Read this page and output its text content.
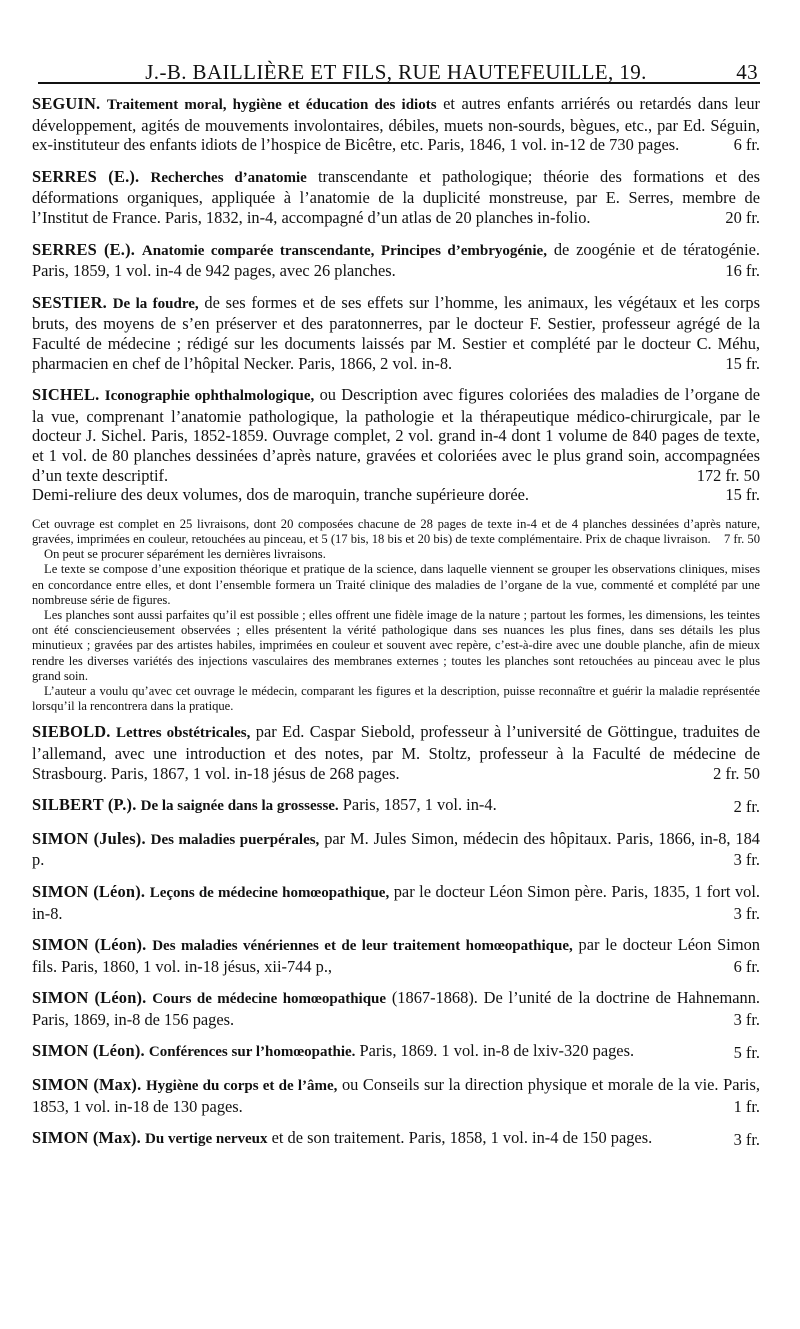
J.-B. BAILLIÈRE ET FILS, RUE HAUTEFEUILLE, 19.	43
SEGUIN. Traitement moral, hygiène et éducation des idiots et autres enfants arriérés ou retardés dans leur développement, agités de mouvements involontaires, débiles, muets non-sourds, bègues, etc., par Ed. Séguin, ex-instituteur des enfants idiots de l’hospice de Bicêtre, etc. Paris, 1846, 1 vol. in-12 de 730 pages.	6 fr.
SERRES (E.). Recherches d’anatomie transcendante et pathologique; théorie des formations et des déformations organiques, appliquée à l’anatomie de la duplicité monstreuse, par E. Serres, membre de l’Institut de France. Paris, 1832, in-4, accompagné d’un atlas de 20 planches in-folio.	20 fr.
SERRES (E.). Anatomie comparée transcendante, Principes d’embryogénie, de zoogénie et de tératogénie. Paris, 1859, 1 vol. in-4 de 942 pages, avec 26 planches.	16 fr.
SESTIER. De la foudre, de ses formes et de ses effets sur l’homme, les animaux, les végétaux et les corps bruts, des moyens de s’en préserver et des paratonnerres, par le docteur F. Sestier, professeur agrégé de la Faculté de médecine ; rédigé sur les documents laissés par M. Sestier et complété par le docteur C. Méhu, pharmacien en chef de l’hôpital Necker. Paris, 1866, 2 vol. in-8.	15 fr.
SICHEL. Iconographie ophthalmologique, ou Description avec figures coloriées des maladies de l’organe de la vue, comprenant l’anatomie pathologique, la pathologie et la thérapeutique médico-chirurgicale, par le docteur J. Sichel. Paris, 1852-1859. Ouvrage complet, 2 vol. grand in-4 dont 1 volume de 840 pages de texte, et 1 vol. de 80 planches dessinées d’après nature, gravées et coloriées avec le plus grand soin, accompagnées d’un texte descriptif.	172 fr. 50
Demi-reliure des deux volumes, dos de maroquin, tranche supérieure dorée.	15 fr.

Cet ouvrage est complet en 25 livraisons, dont 20 composées chacune de 28 pages de texte in-4 et de 4 planches dessinées d’après nature, gravées, imprimées en couleur, retouchées au pinceau, et 5 (17 bis, 18 bis et 20 bis) de texte complémentaire. Prix de chaque livraison.	7 fr. 50

On peut se procurer séparément les dernières livraisons.

Le texte se compose d’une exposition théorique et pratique de la science, dans laquelle viennent se grouper les observations cliniques, mises en concordance entre elles, et dont l’ensemble formera un Traité clinique des maladies de l’organe de la vue, commenté et complété par une nombreuse série de figures.

Les planches sont aussi parfaites qu’il est possible ; elles offrent une fidèle image de la nature ; partout les formes, les dimensions, les teintes ont été consciencieusement observées ; elles présentent la vérité pathologique dans ses nuances les plus fines, dans ses détails les plus minutieux ; gravées par des artistes habiles, imprimées en couleur et souvent avec repère, c’est-à-dire avec une double planche, afin de mieux rendre les diverses variétés des injections vasculaires des membranes externes ; toutes les planches sont retouchées au pinceau avec le plus grand soin.

L’auteur a voulu qu’avec cet ouvrage le médecin, comparant les figures et la description, puisse reconnaître et guérir la maladie représentée lorsqu’il la rencontrera dans la pratique.

SIEBOLD. Lettres obstétricales, par Ed. Caspar Siebold, professeur à l’université de Göttingue, traduites de l’allemand, avec une introduction et des notes, par M. Stoltz, professeur à la Faculté de médecine de Strasbourg. Paris, 1867, 1 vol. in-18 jésus de 268 pages.	2 fr. 50
SILBERT (P.). De la saignée dans la grossesse. Paris, 1857, 1 vol. in-4.	2 fr.
SIMON (Jules). Des maladies puerpérales, par M. Jules Simon, médecin des hôpitaux. Paris, 1866, in-8, 184 p.	3 fr.
SIMON (Léon). Leçons de médecine homœopathique, par le docteur Léon Simon père. Paris, 1835, 1 fort vol. in-8.	3 fr.
SIMON (Léon). Des maladies vénériennes et de leur traitement homœopathique, par le docteur Léon Simon fils. Paris, 1860, 1 vol. in-18 jésus, xii-744 p.,	6 fr.
SIMON (Léon). Cours de médecine homœopathique (1867-1868). De l’unité de la doctrine de Hahnemann. Paris, 1869, in-8 de 156 pages.	3 fr.
SIMON (Léon). Conférences sur l’homœopathie. Paris, 1869. 1 vol. in-8 de lxiv-320 pages.	5 fr.
SIMON (Max). Hygiène du corps et de l’âme, ou Conseils sur la direction physique et morale de la vie. Paris, 1853, 1 vol. in-18 de 130 pages.	1 fr.
SIMON (Max). Du vertige nerveux et de son traitement. Paris, 1858, 1 vol. in-4 de 150 pages.	3 fr.
